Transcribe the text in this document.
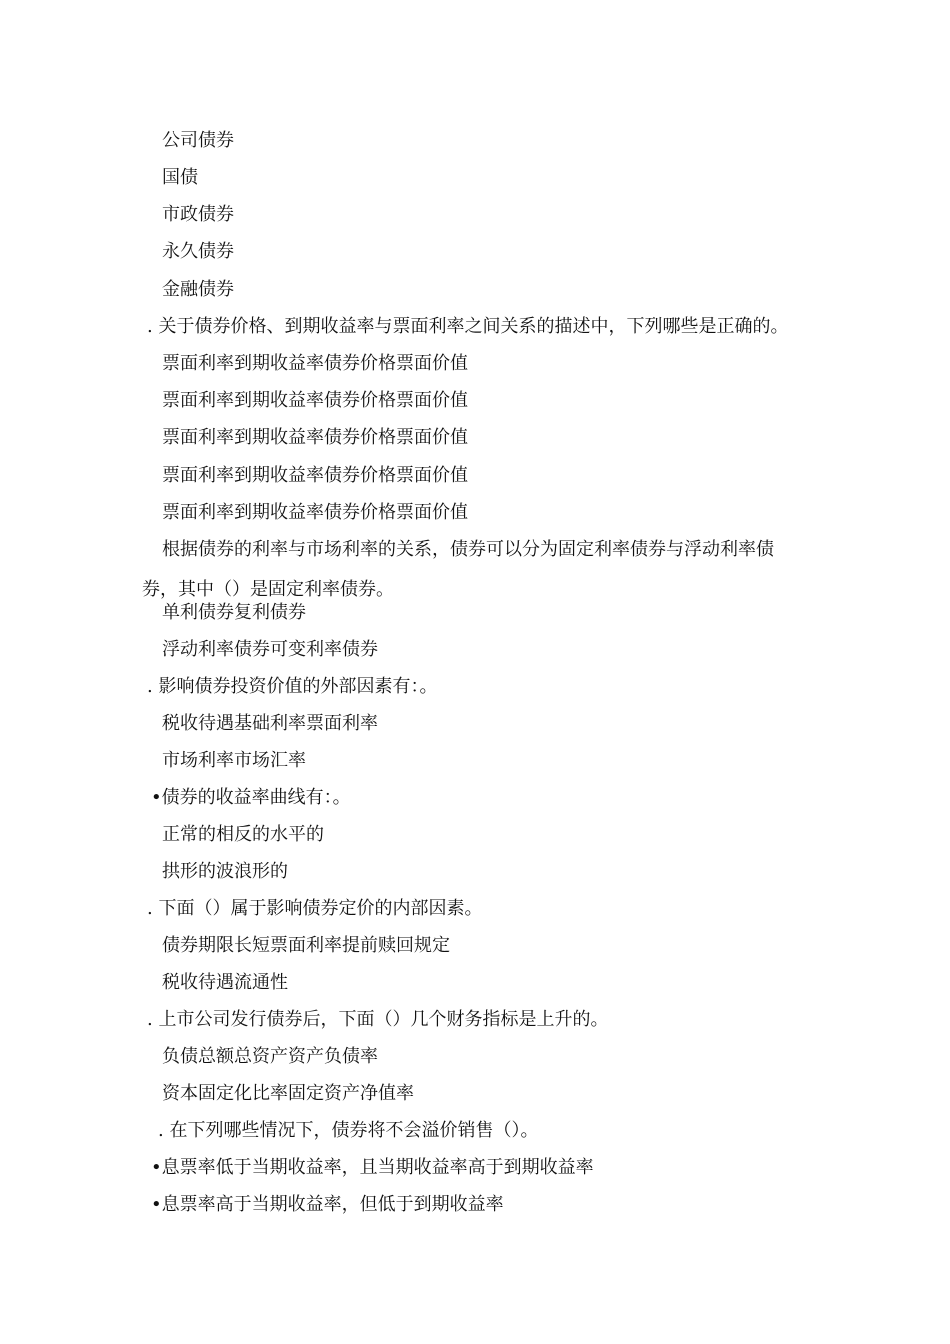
公司债券
国债
市政债券
永久债券
金融债券
. 关于债券价格、到期收益率与票面利率之间关系的描述中，下列哪些是正确的。
票面利率到期收益率债券价格票面价值
票面利率到期收益率债券价格票面价值
票面利率到期收益率债券价格票面价值
票面利率到期收益率债券价格票面价值
票面利率到期收益率债券价格票面价值
根据债券的利率与市场利率的关系，债券可以分为固定利率债券与浮动利率债
券，其中（）是固定利率债券。
单利债券复利债券
浮动利率债券可变利率债券
. 影响债券投资价值的外部因素有：。
税收待遇基础利率票面利率
市场利率市场汇率
•债券的收益率曲线有：。
正常的相反的水平的
拱形的波浪形的
. 下面（）属于影响债券定价的内部因素。
债券期限长短票面利率提前赎回规定
税收待遇流通性
. 上市公司发行债券后，下面（）几个财务指标是上升的。
负债总额总资产资产负债率
资本固定化比率固定资产净值率
. 在下列哪些情况下，债券将不会溢价销售（）。
•息票率低于当期收益率，且当期收益率高于到期收益率
•息票率高于当期收益率，但低于到期收益率
